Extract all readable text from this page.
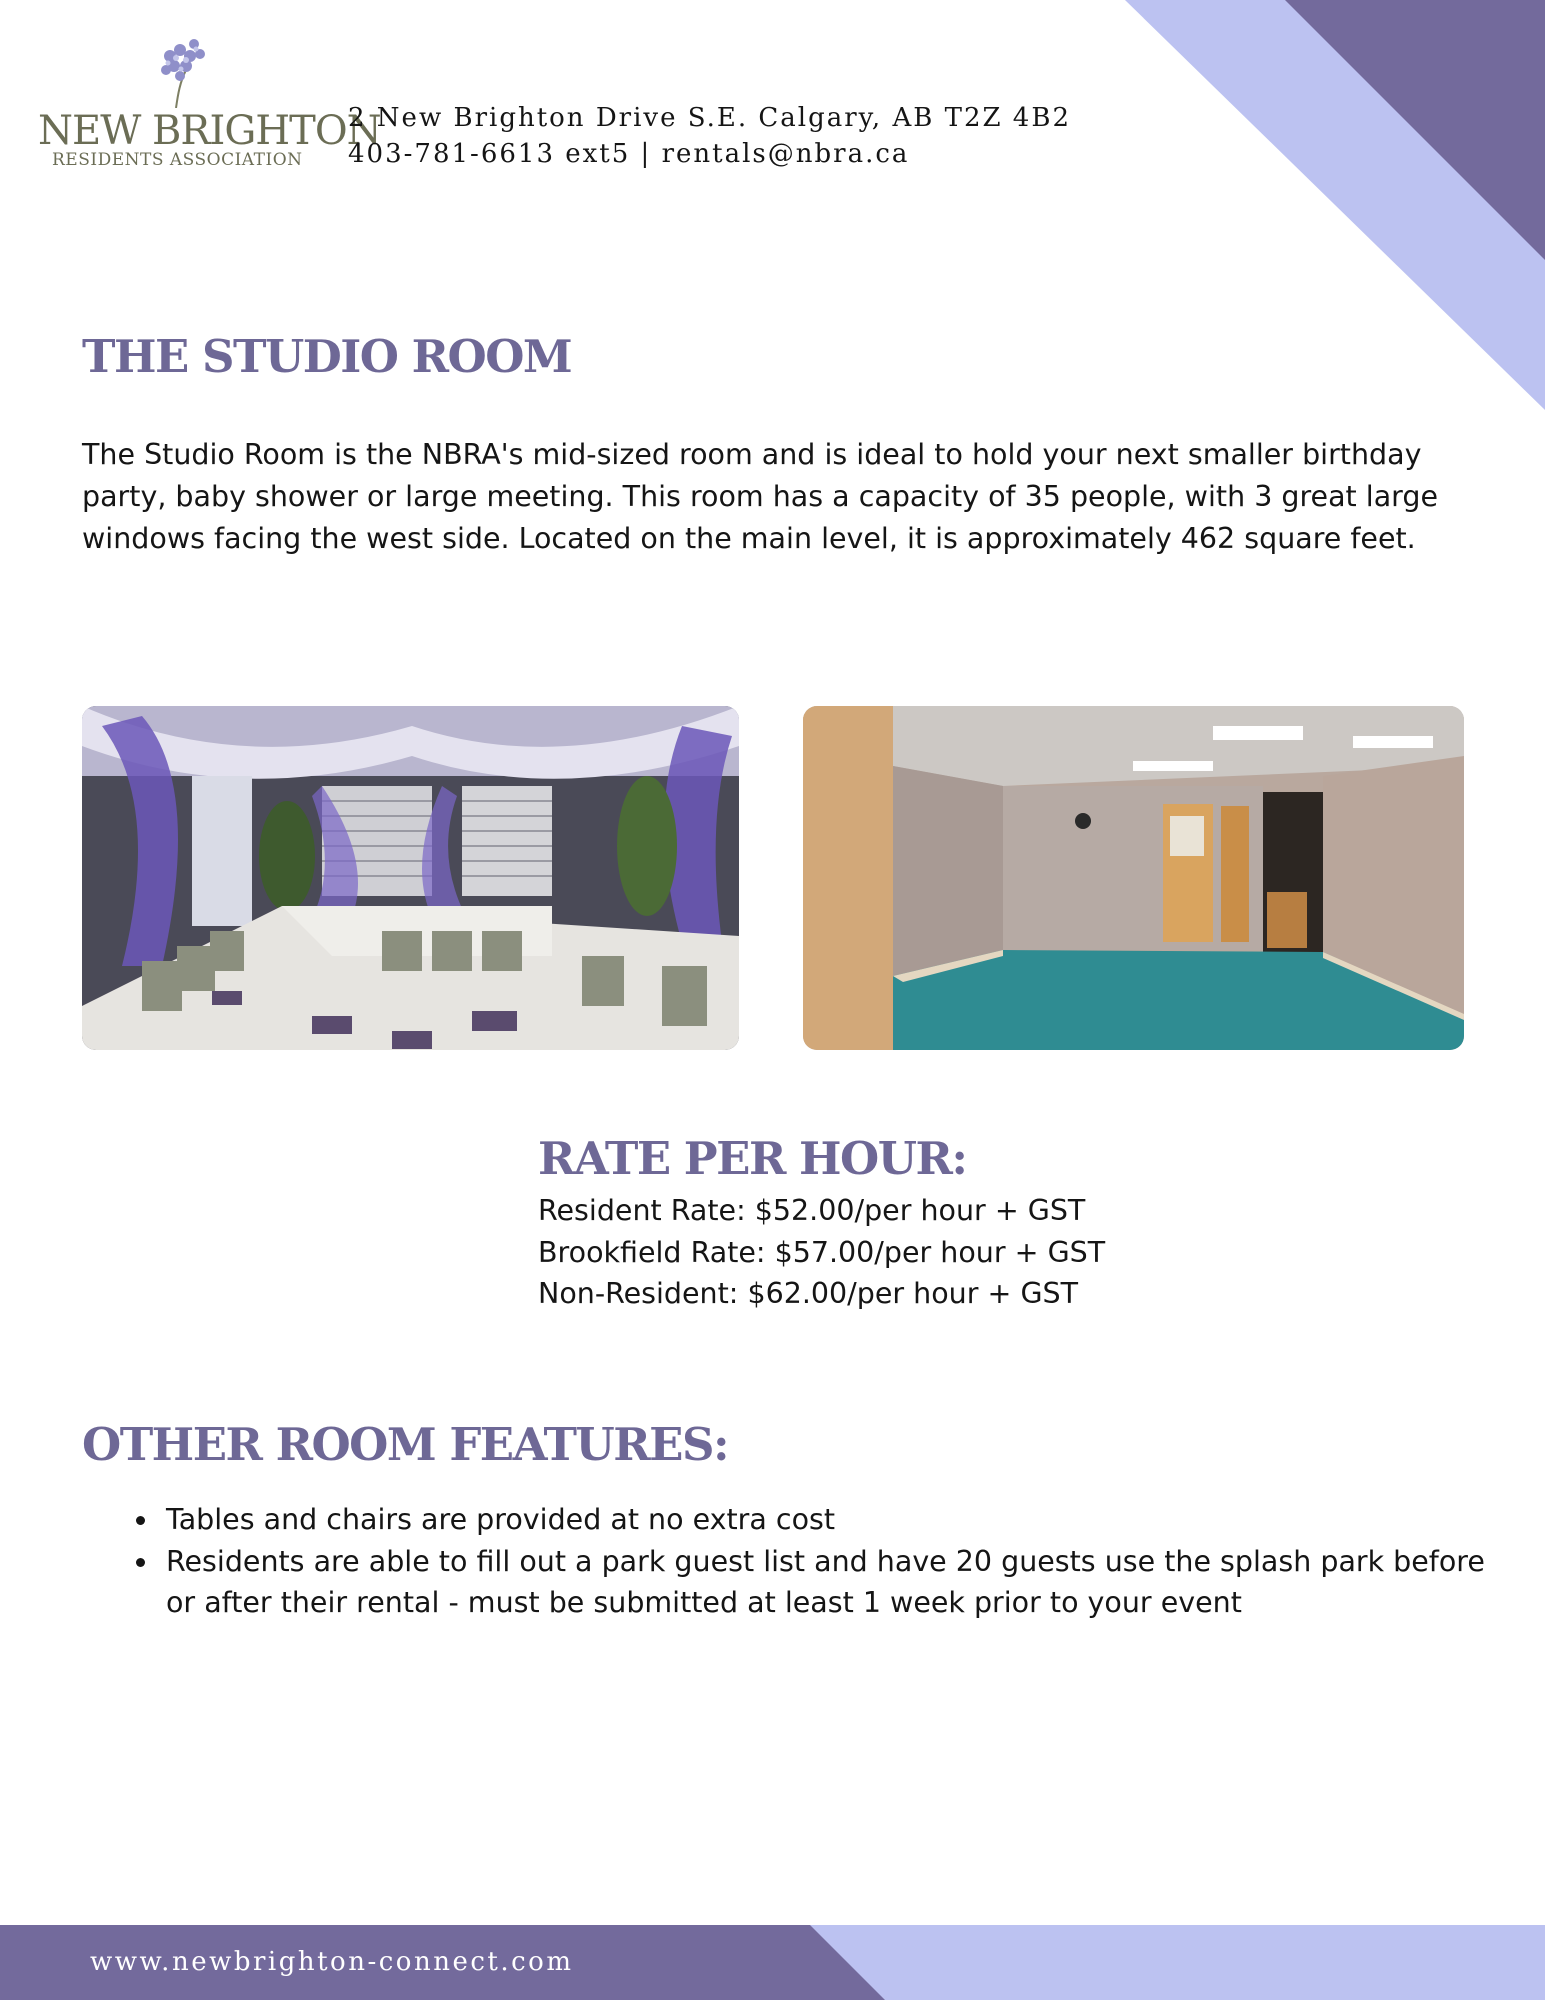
NEW BRIGHTON
RESIDENTS ASSOCIATION
2 New Brighton Drive S.E. Calgary, AB T2Z 4B2
403-781-6613 ext5 | rentals@nbra.ca
THE STUDIO ROOM

The Studio Room is the NBRA's mid-sized room and is ideal to hold your next smaller birthday party, baby shower or large meeting. This room has a capacity of 35 people, with 3 great large windows facing the west side. Located on the main level, it is approximately 462 square feet.

RATE PER HOUR:
Resident Rate: $52.00/per hour + GST
Brookfield Rate: $57.00/per hour + GST
Non-Resident: $62.00/per hour + GST
OTHER ROOM FEATURES:
• Tables and chairs are provided at no extra cost
• Residents are able to fill out a park guest list and have 20 guests use the splash park before or after their rental - must be submitted at least 1 week prior to your event
www.newbrighton-connect.com
